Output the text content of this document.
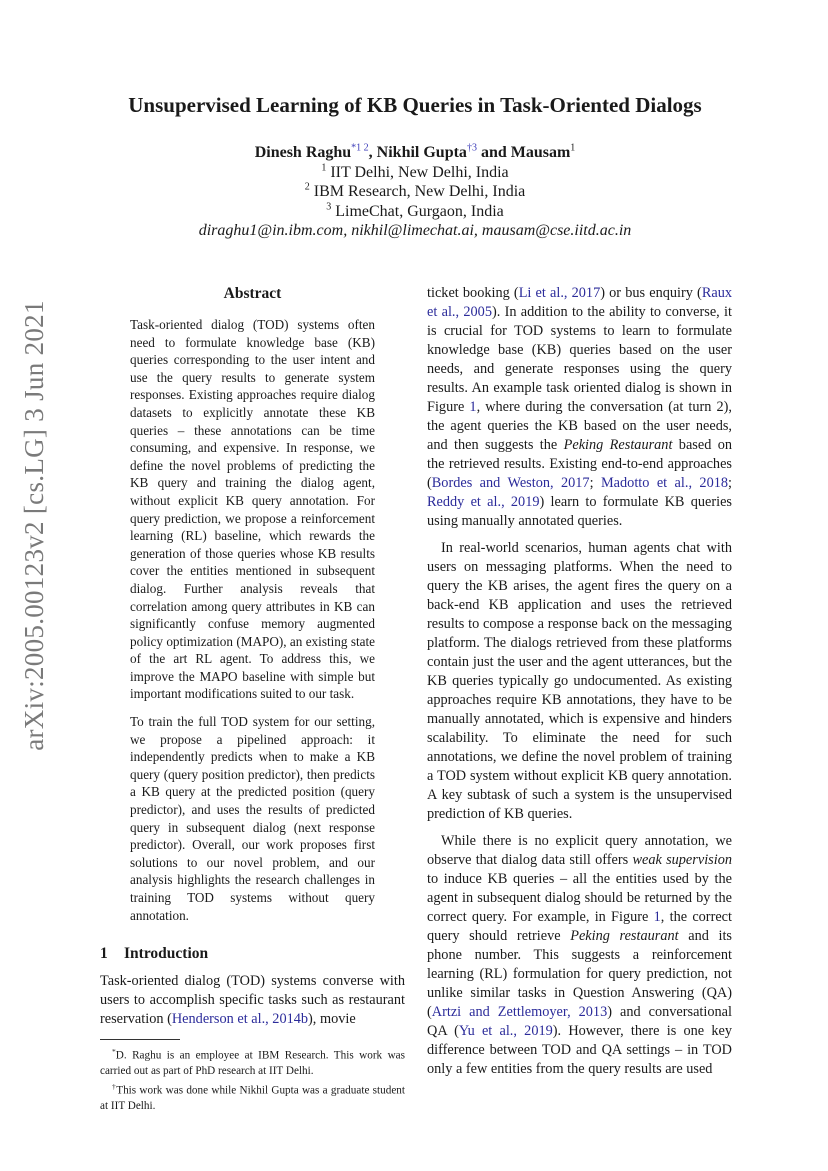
arXiv:2005.00123v2 [cs.LG] 3 Jun 2021
Unsupervised Learning of KB Queries in Task-Oriented Dialogs
Dinesh Raghu$^{*1 2}$, Nikhil Gupta$^{\dagger 3}$ and Mausam$^1$
$^1$ IIT Delhi, New Delhi, India
$^2$ IBM Research, New Delhi, India
$^3$ LimeChat, Gurgaon, India
diraghu1@in.ibm.com, nikhil@limechat.ai, mausam@cse.iitd.ac.in
Abstract

Task-oriented dialog (TOD) systems often need to formulate knowledge base (KB) queries corresponding to the user intent and use the query results to generate system responses. Existing approaches require dialog datasets to explicitly annotate these KB queries – these annotations can be time consuming, and expensive. In response, we define the novel problems of predicting the KB query and training the dialog agent, without explicit KB query annotation. For query prediction, we propose a reinforcement learning (RL) baseline, which rewards the generation of those queries whose KB results cover the entities mentioned in subsequent dialog. Further analysis reveals that correlation among query attributes in KB can significantly confuse memory augmented policy optimization (MAPO), an existing state of the art RL agent. To address this, we improve the MAPO baseline with simple but important modifications suited to our task.

To train the full TOD system for our setting, we propose a pipelined approach: it independently predicts when to make a KB query (query position predictor), then predicts a KB query at the predicted position (query predictor), and uses the results of predicted query in subsequent dialog (next response predictor). Overall, our work proposes first solutions to our novel problem, and our analysis highlights the research challenges in training TOD systems without query annotation.

1 Introduction

Task-oriented dialog (TOD) systems converse with users to accomplish specific tasks such as restaurant reservation (Henderson et al., 2014b), movie

*D. Raghu is an employee at IBM Research. This work was carried out as part of PhD research at IIT Delhi.

†This work was done while Nikhil Gupta was a graduate student at IIT Delhi.

ticket booking (Li et al., 2017) or bus enquiry (Raux et al., 2005). In addition to the ability to converse, it is crucial for TOD systems to learn to formulate knowledge base (KB) queries based on the user needs, and generate responses using the query results. An example task oriented dialog is shown in Figure 1, where during the conversation (at turn 2), the agent queries the KB based on the user needs, and then suggests the Peking Restaurant based on the retrieved results. Existing end-to-end approaches (Bordes and Weston, 2017; Madotto et al., 2018; Reddy et al., 2019) learn to formulate KB queries using manually annotated queries.

In real-world scenarios, human agents chat with users on messaging platforms. When the need to query the KB arises, the agent fires the query on a back-end KB application and uses the retrieved results to compose a response back on the messaging platform. The dialogs retrieved from these platforms contain just the user and the agent utterances, but the KB queries typically go undocumented. As existing approaches require KB annotations, they have to be manually annotated, which is expensive and hinders scalability. To eliminate the need for such annotations, we define the novel problem of training a TOD system without explicit KB query annotation. A key subtask of such a system is the unsupervised prediction of KB queries.

While there is no explicit query annotation, we observe that dialog data still offers weak supervision to induce KB queries – all the entities used by the agent in subsequent dialog should be returned by the correct query. For example, in Figure 1, the correct query should retrieve Peking restaurant and its phone number. This suggests a reinforcement learning (RL) formulation for query prediction, not unlike similar tasks in Question Answering (QA) (Artzi and Zettlemoyer, 2013) and conversational QA (Yu et al., 2019). However, there is one key difference between TOD and QA settings – in TOD only a few entities from the query results are used
